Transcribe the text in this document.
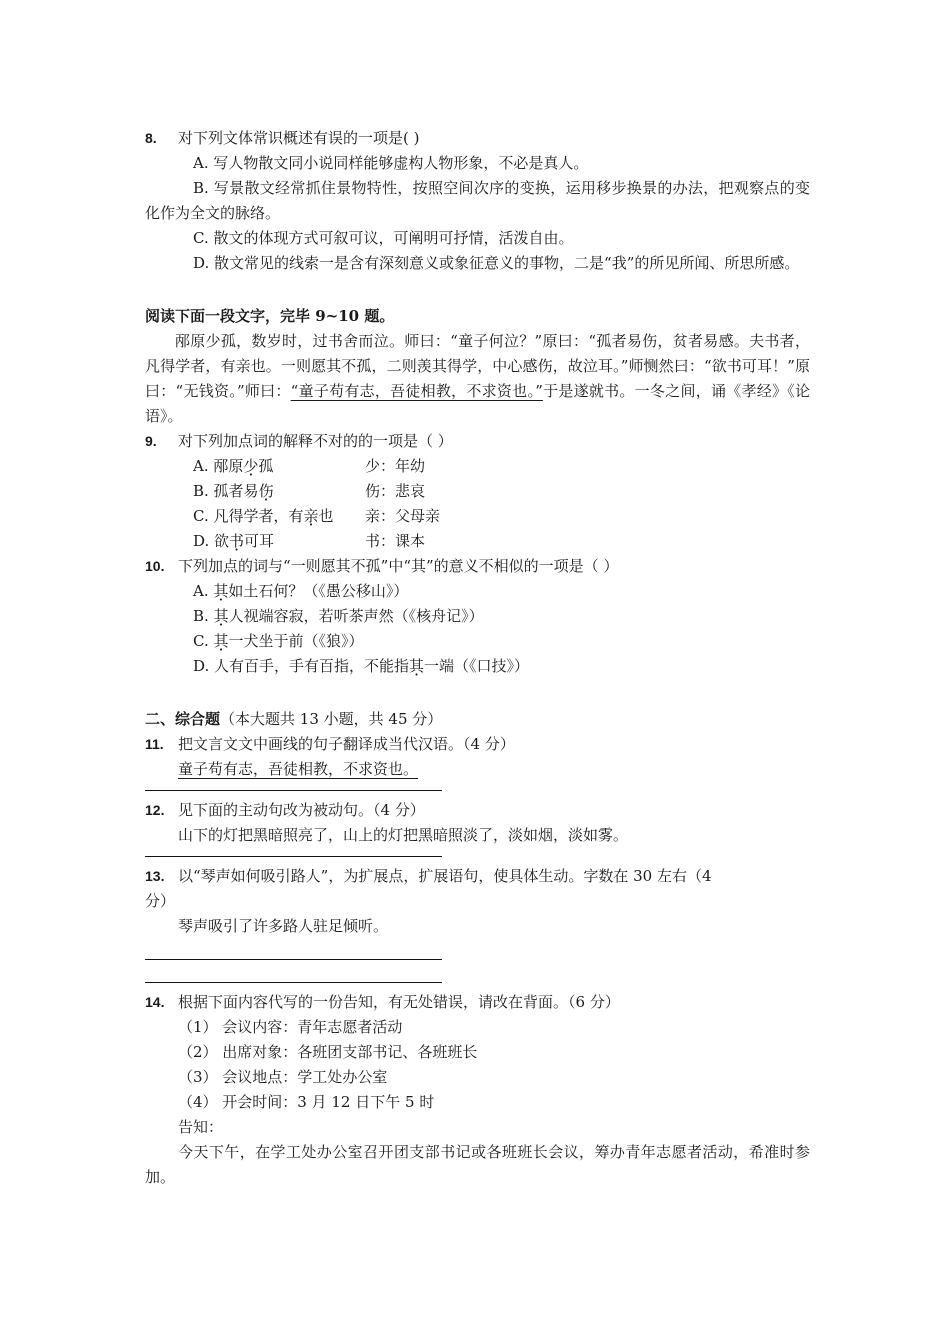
8. 对下列文体常识概述有误的一项是( )
A. 写人物散文同小说同样能够虚构人物形象，不必是真人。
B. 写景散文经常抓住景物特性，按照空间次序的变换，运用移步换景的办法，把观察点的变化作为全文的脉络。
C. 散文的体现方式可叙可议，可阐明可抒情，活泼自由。
D. 散文常见的线索一是含有深刻意义或象征意义的事物，二是“我”的所见所闻、所思所感。
阅读下面一段文字，完毕 9~10 题。
邴原少孤，数岁时，过书舍而泣。师曰：“童子何泣？”原曰：“孤者易伤，贫者易感。夫书者，凡得学者，有亲也。一则愿其不孤，二则羡其得学，中心感伤，故泣耳。”师恻然曰：“欲书可耳！”原曰：“无钱资。”师曰：“童子苟有志，吾徒相教，不求资也。”于是遂就书。一冬之间，诵《孝经》《论语》。
9. 对下列加点词的解释不对的的一项是（ ）
A. 邴原少孤	少：年幼
B. 孤者易伤	伤：悲哀
C. 凡得学者，有亲也 亲：父母亲
D. 欲书可耳	书：课本
10. 下列加点的词与“一则愿其不孤”中“其”的意义不相似的一项是（ ）
A. 其如土石何？（《愚公移山》）
B. 其人视端容寂，若听茶声然（《核舟记》）
C. 其一犬坐于前（《狼》）
D. 人有百手，手有百指，不能指其一端（《口技》）
二、综合题（本大题共 13 小题，共 45 分）
11. 把文言文文中画线的句子翻译成当代汉语。（4 分）
童子苟有志，吾徒相教，不求资也。
12. 见下面的主动句改为被动句。（4 分）
山下的灯把黑暗照亮了，山上的灯把黑暗照淡了，淡如烟，淡如雾。
13. 以“琴声如何吸引路人”，为扩展点，扩展语句，使具体生动。字数在 30 左右（4
分）
琴声吸引了许多路人驻足倾听。
14. 根据下面内容代写的一份告知，有无处错误，请改在背面。（6 分）
（1） 会议内容：青年志愿者活动
（2） 出席对象：各班团支部书记、各班班长
（3） 会议地点：学工处办公室
（4） 开会时间：3 月 12 日下午 5 时
告知：
今天下午，在学工处办公室召开团支部书记或各班班长会议，筹办青年志愿者活动，希准时参加。
